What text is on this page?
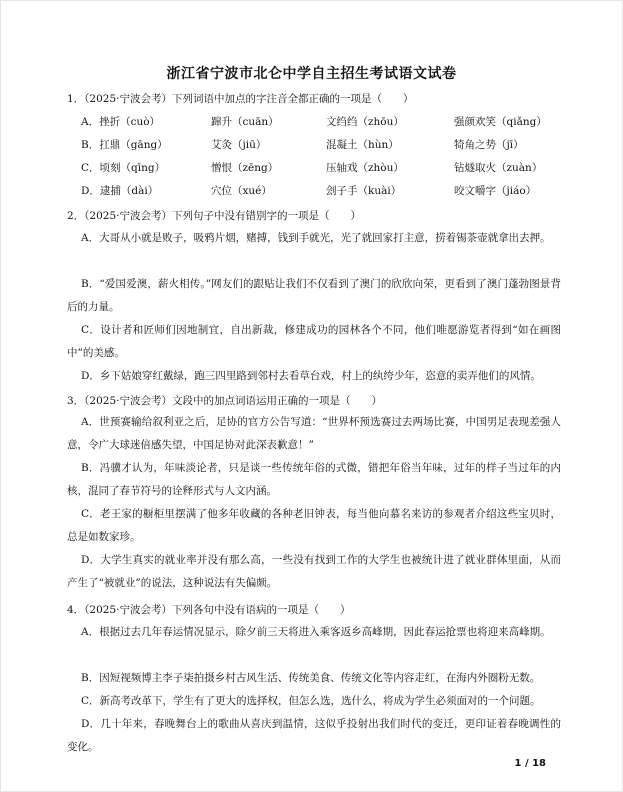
浙江省宁波市北仑中学自主招生考试语文试卷
1．（2025·宁波会考）下列词语中加点的字注音全都正确的一项是（　　）
A．挫折（cuò）	蹿升（cuān）	文绉绉（zhōu）	强颜欢笑（qiǎng）
B．扛鼎（gāng）	艾灸（jiū）	混凝土（hùn）	犄角之势（jī）
C．顷刻（qīng）	憎恨（zēng）	压轴戏（zhòu）	钻燧取火（zuàn）
D．逮捕（dài）	穴位（xué）	刽子手（kuài）	咬文嚼字（jiáo）
2．（2025·宁波会考）下列句子中没有错别字的一项是（　　）
A．大哥从小就是败子，吸鸦片烟，赌搏，钱到手就光，光了就回家打主意，捞着锡茶壶就拿出去押。
B．“爱国爱澳，薪火相传。”网友们的跟贴让我们不仅看到了澳门的欣欣向荣，更看到了澳门蓬勃图景背后的力量。
C．设计者和匠师们因地制宜，自出新裁，修建成功的园林各个不同，他们唯愿游览者得到“如在画图中”的美感。
D．乡下姑娘穿红戴绿，跑三四里路到邻村去看草台戏，村上的纨绔少年，恣意的卖弄他们的风情。
3．（2025·宁波会考）文段中的加点词语运用正确的一项是（　　）
A．世预赛输给叙利亚之后，足协的官方公告写道：“世界杯预选赛过去两场比赛，中国男足表现差强人意，令广大球迷倍感失望，中国足协对此深表歉意！”
B．冯骥才认为，年味淡论者，只是谈一些传统年俗的式微，错把年俗当年味，过年的样子当过年的内核，混同了春节符号的诠释形式与人文内涵。
C．老王家的橱柜里摆满了他多年收藏的各种老旧钟表，每当他向慕名来访的参观者介绍这些宝贝时，总是如数家珍。
D．大学生真实的就业率并没有那么高，一些没有找到工作的大学生也被统计进了就业群体里面，从而产生了“被就业”的说法，这种说法有失偏颇。
4．（2025·宁波会考）下列各句中没有语病的一项是（　　）
A．根据过去几年春运情况显示，除夕前三天将进入乘客返乡高峰期，因此春运抢票也将迎来高峰期。
B．因短视频博主李子柒拍摄乡村古风生活、传统美食、传统文化等内容走红，在海内外圈粉无数。
C．新高考改革下，学生有了更大的选择权，但怎么选，选什么，将成为学生必须面对的一个问题。
D．几十年来，春晚舞台上的歌曲从喜庆到温情，这似乎投射出我们时代的变迁，更印证着春晚调性的变化。
1 / 18
